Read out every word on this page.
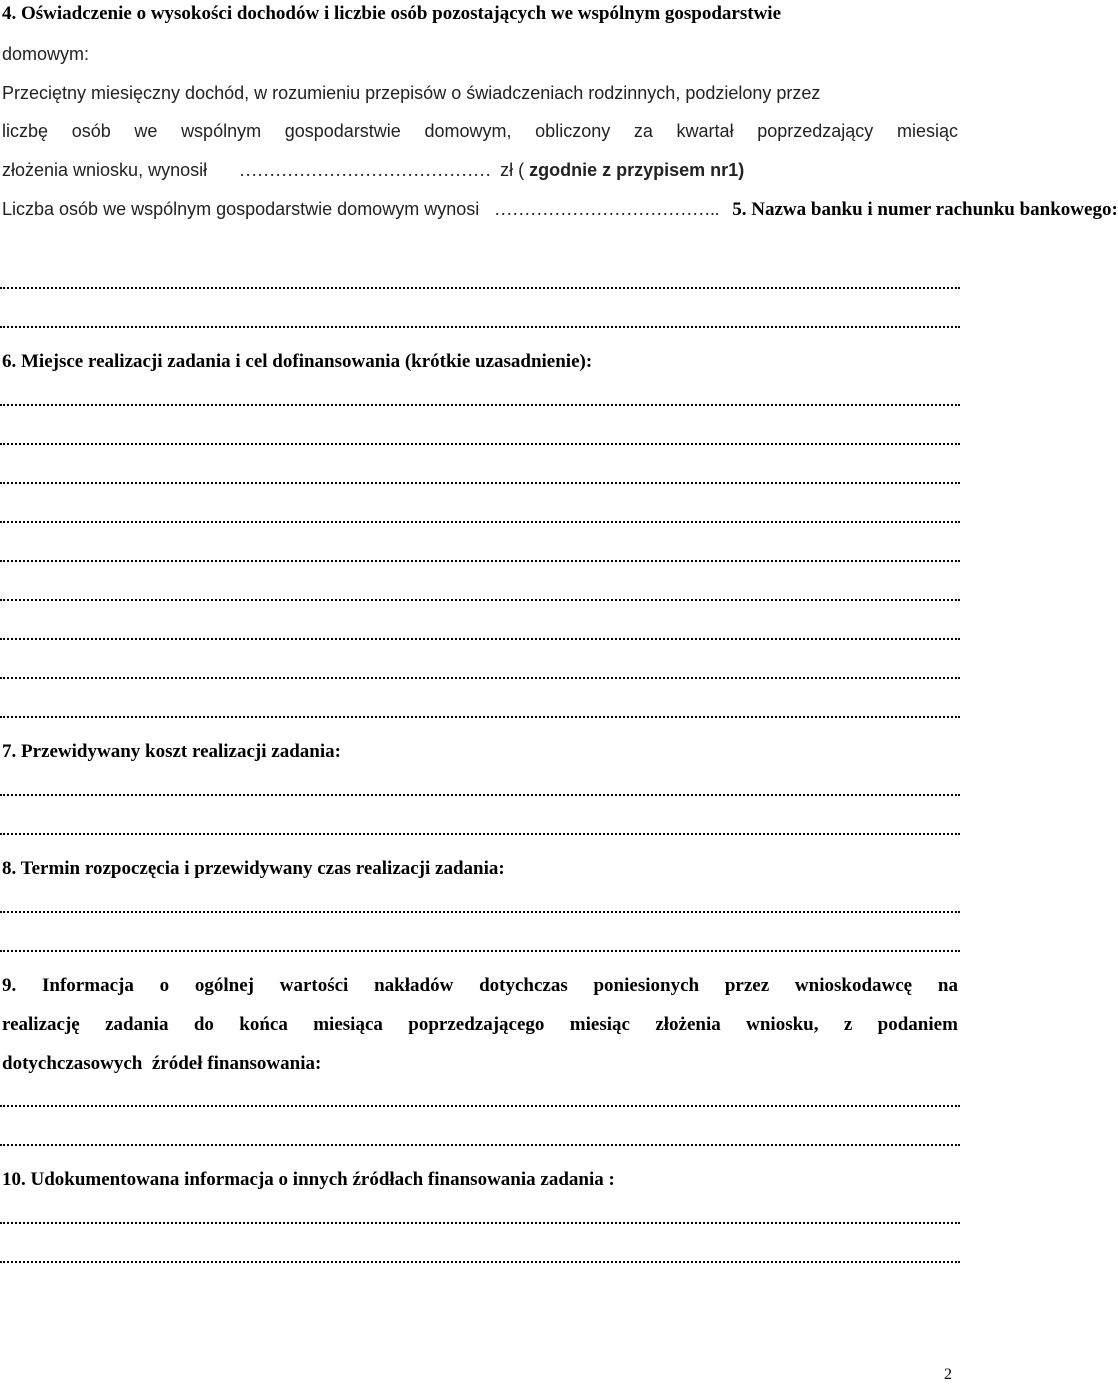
4. Oświadczenie o wysokości dochodów i liczbie osób pozostających we wspólnym gospodarstwie
domowym:
Przeciętny miesięczny dochód, w rozumieniu przepisów o świadczeniach rodzinnych, podzielony przez
liczbę osób we wspólnym gospodarstwie domowym, obliczony za kwartał poprzedzający miesiąc
złożenia wniosku, wynosił …………………………………… zł ( zgodnie z przypisem nr1)
Liczba osób we wspólnym gospodarstwie domowym wynosi ……………………………….. 5. Nazwa banku i numer rachunku bankowego:
6. Miejsce realizacji zadania i cel dofinansowania (krótkie uzasadnienie):
7. Przewidywany koszt realizacji zadania:
8. Termin rozpoczęcia i przewidywany czas realizacji zadania:
9. Informacja o ogólnej wartości nakładów dotychczas poniesionych przez wnioskodawcę na
realizację zadania do końca miesiąca poprzedzającego miesiąc złożenia wniosku, z podaniem
dotychczasowych  źródeł finansowania:
10. Udokumentowana informacja o innych źródłach finansowania zadania :
2
